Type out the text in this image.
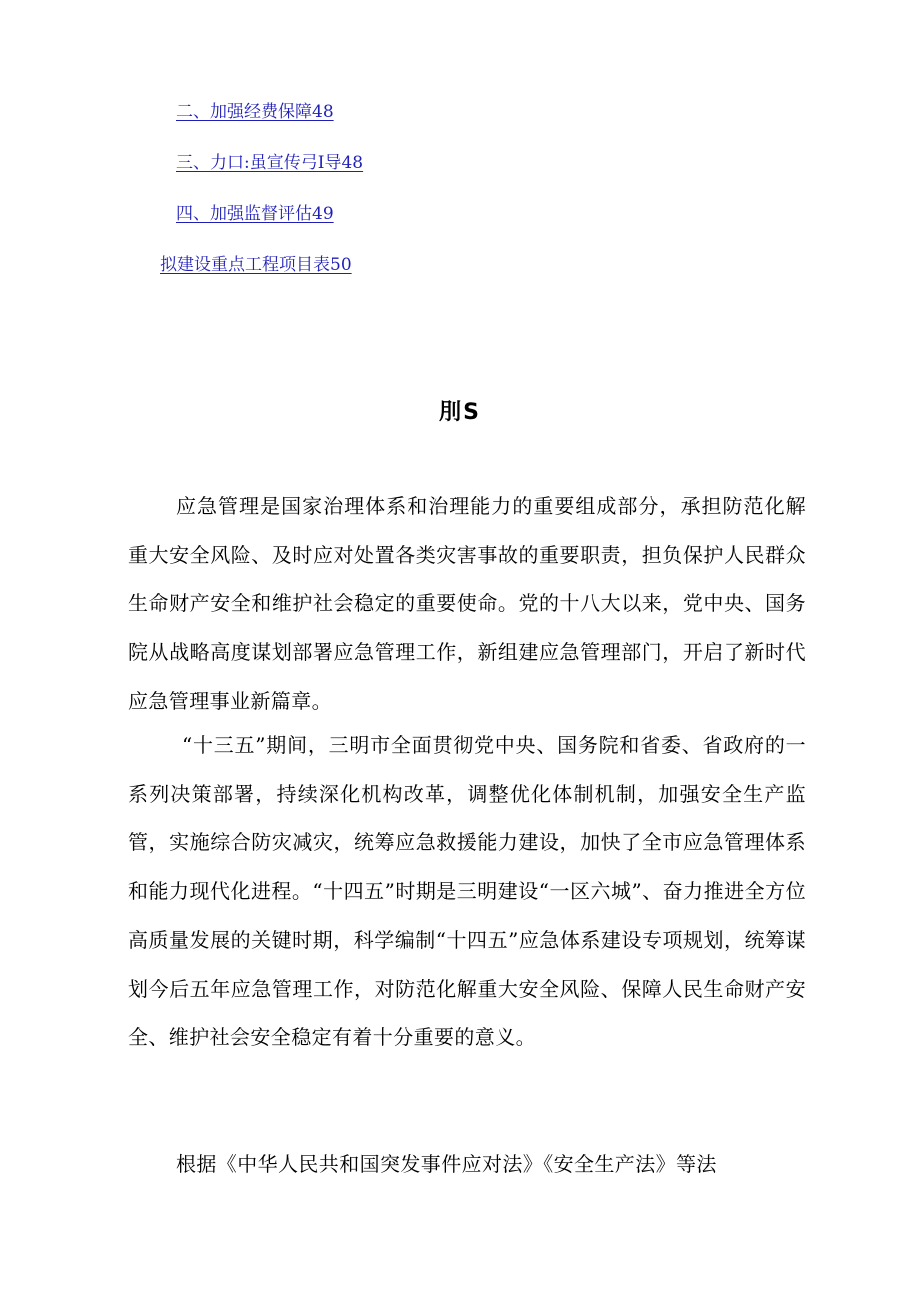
二、加强经费保障48
三、力口:虽宣传弓I导48
四、加强监督评估49
拟建设重点工程项目表50
刖S

应急管理是国家治理体系和治理能力的重要组成部分，承担防范化解重大安全风险、及时应对处置各类灾害事故的重要职责，担负保护人民群众生命财产安全和维护社会稳定的重要使命。党的十八大以来，党中央、国务院从战略高度谋划部署应急管理工作，新组建应急管理部门，开启了新时代应急管理事业新篇章。

“十三五”期间，三明市全面贯彻党中央、国务院和省委、省政府的一系列决策部署，持续深化机构改革，调整优化体制机制，加强安全生产监管，实施综合防灾减灾，统筹应急救援能力建设，加快了全市应急管理体系和能力现代化进程。“十四五”时期是三明建设“一区六城”、奋力推进全方位高质量发展的关键时期，科学编制“十四五”应急体系建设专项规划，统筹谋划今后五年应急管理工作，对防范化解重大安全风险、保障人民生命财产安全、维护社会安全稳定有着十分重要的意义。

根据《中华人民共和国突发事件应对法》《安全生产法》等法
